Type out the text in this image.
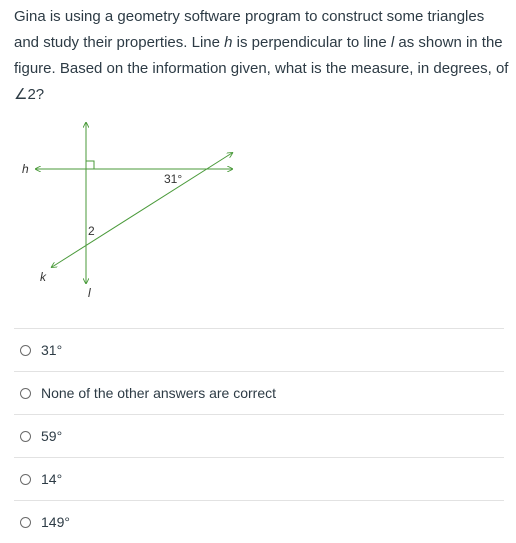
Gina is using a geometry software program to construct some triangles and study their properties. Line h is perpendicular to line l as shown in the figure. Based on the information given, what is the measure, in degrees, of ∠2?
h
k
l
31°
2
31°
None of the other answers are correct
59°
14°
149°
